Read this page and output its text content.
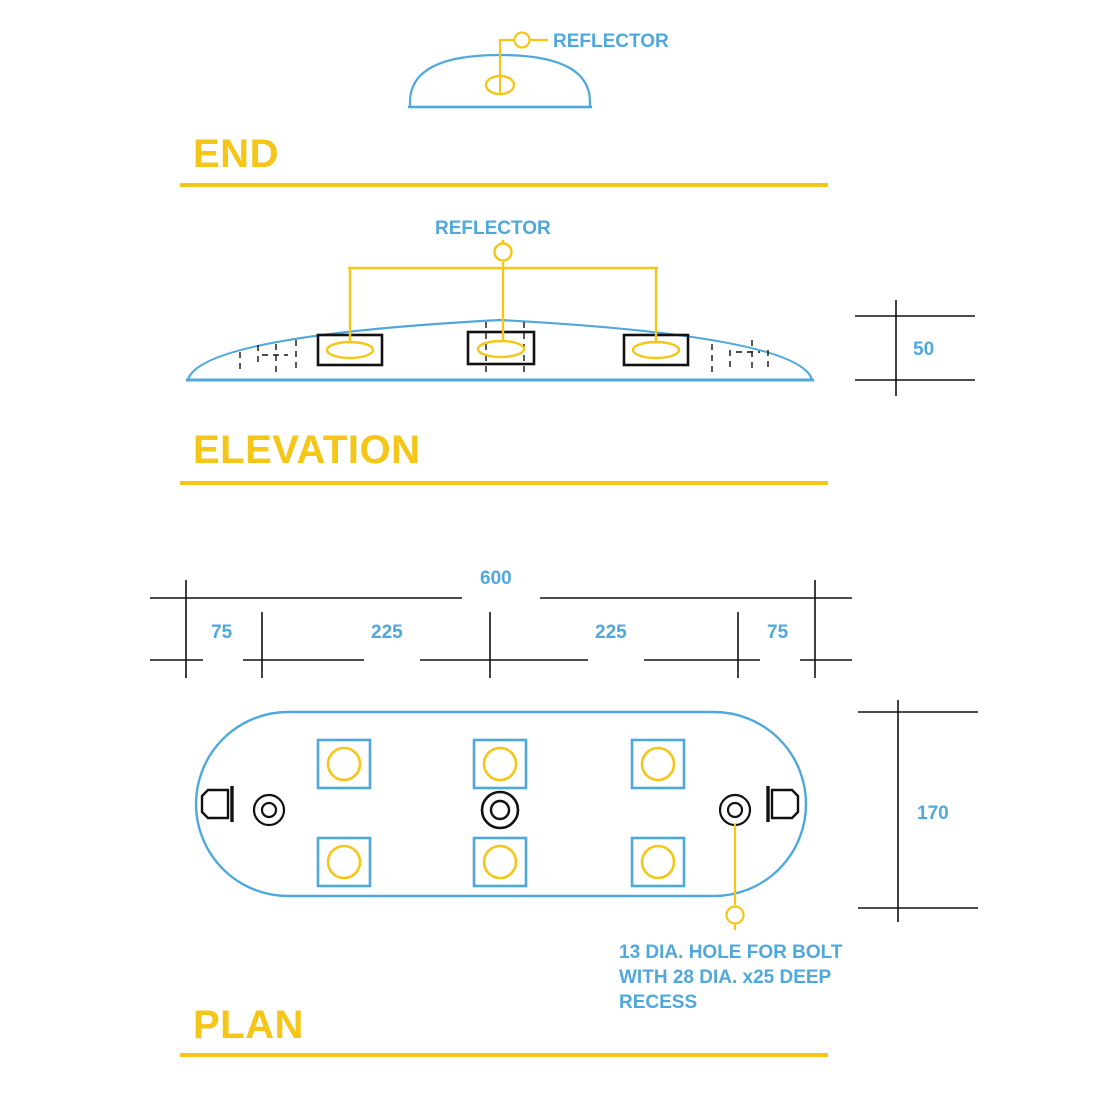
END
ELEVATION
PLAN
REFLECTOR
REFLECTOR
13 DIA. HOLE FOR BOLT WITH 28 DIA. x25 DEEP RECESS
50
170
600
75	225	225	75
